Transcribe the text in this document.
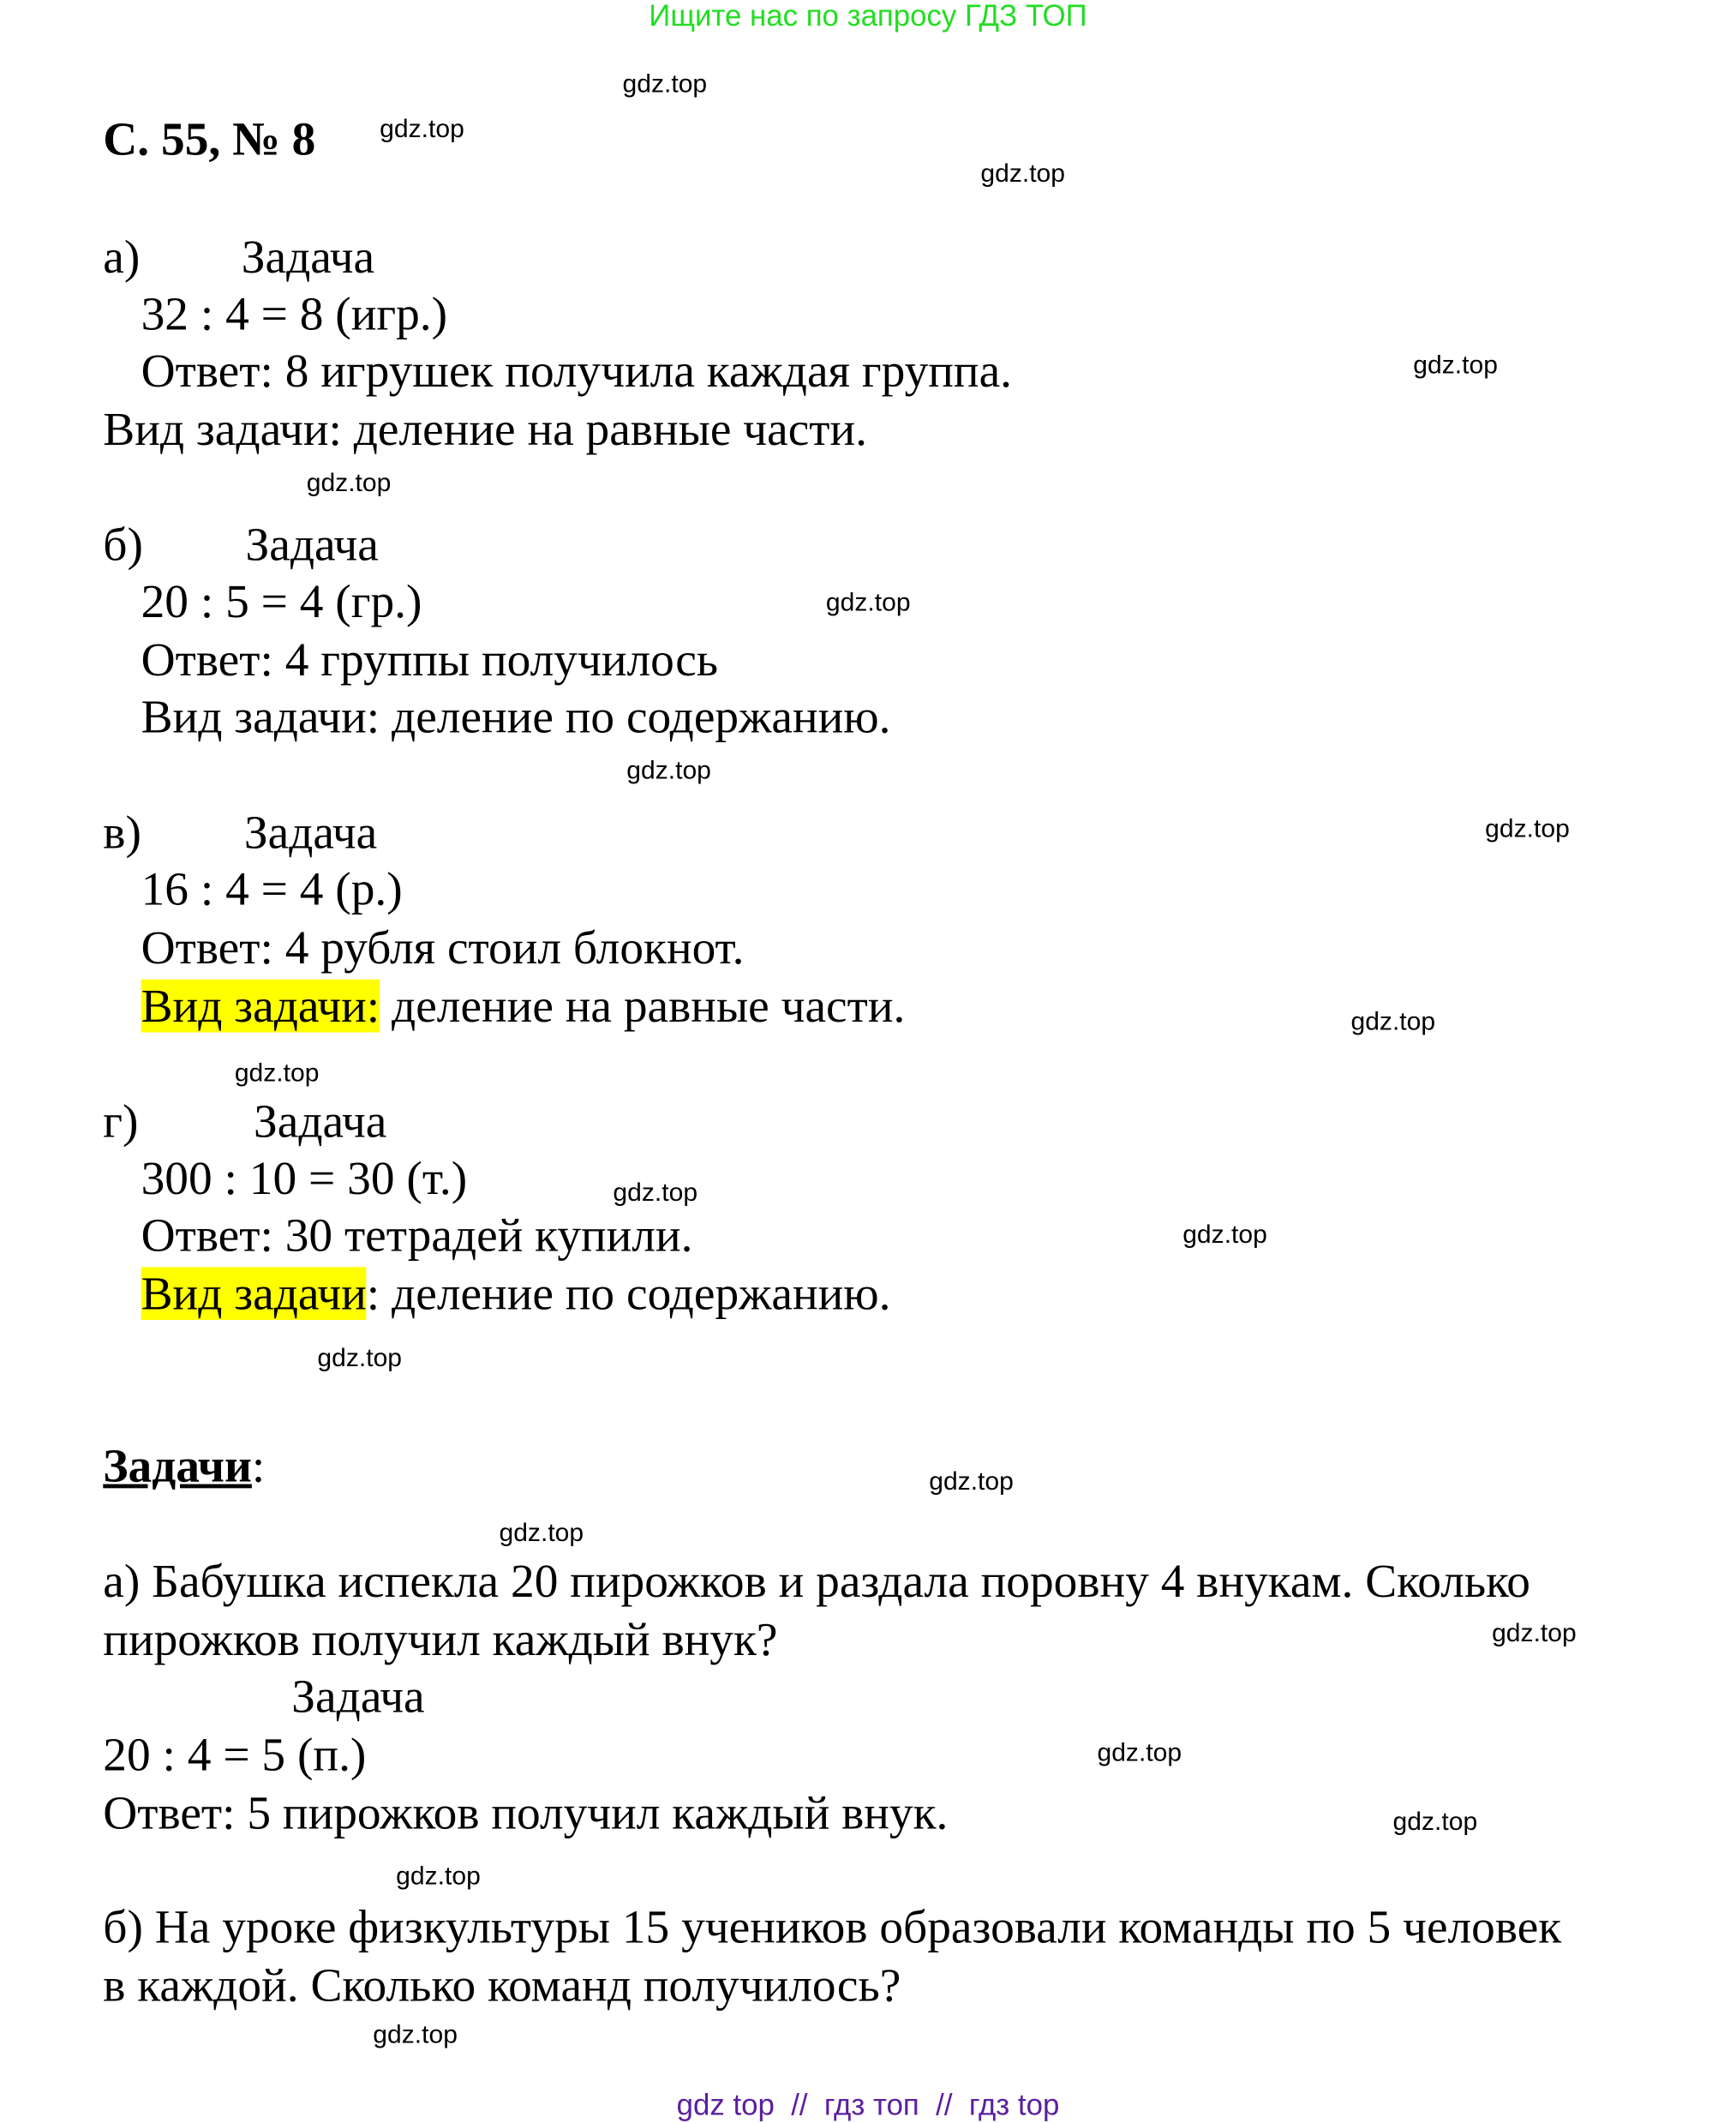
Ищите нас по запросу ГДЗ ТОП
С. 55, № 8
а)	Задача
32 : 4 = 8 (игр.)
Ответ: 8 игрушек получила каждая группа.
Вид задачи: деление на равные части.
б)	Задача
20 : 5 = 4 (гр.)
Ответ: 4 группы получилось
Вид задачи: деление по содержанию.
в)	Задача
16 : 4 = 4 (р.)
Ответ: 4 рубля стоил блокнот.
Вид задачи: деление на равные части.
г)	Задача
300 : 10 = 30 (т.)
Ответ: 30 тетрадей купили.
Вид задачи: деление по содержанию.
Задачи:
а) Бабушка испекла 20 пирожков и раздала поровну 4 внукам. Сколько
пирожков получил каждый внук?
Задача
20 : 4 = 5 (п.)
Ответ: 5 пирожков получил каждый внук.
б) На уроке физкультуры 15 учеников образовали команды по 5 человек
в каждой. Сколько команд получилось?
gdz.top
gdz.top
gdz.top
gdz.top
gdz.top
gdz.top
gdz.top
gdz.top
gdz.top
gdz.top
gdz.top
gdz.top
gdz.top
gdz.top
gdz.top
gdz.top
gdz.top
gdz.top
gdz.top
gdz.top
gdz top  //  гдз топ  //  гдз top
